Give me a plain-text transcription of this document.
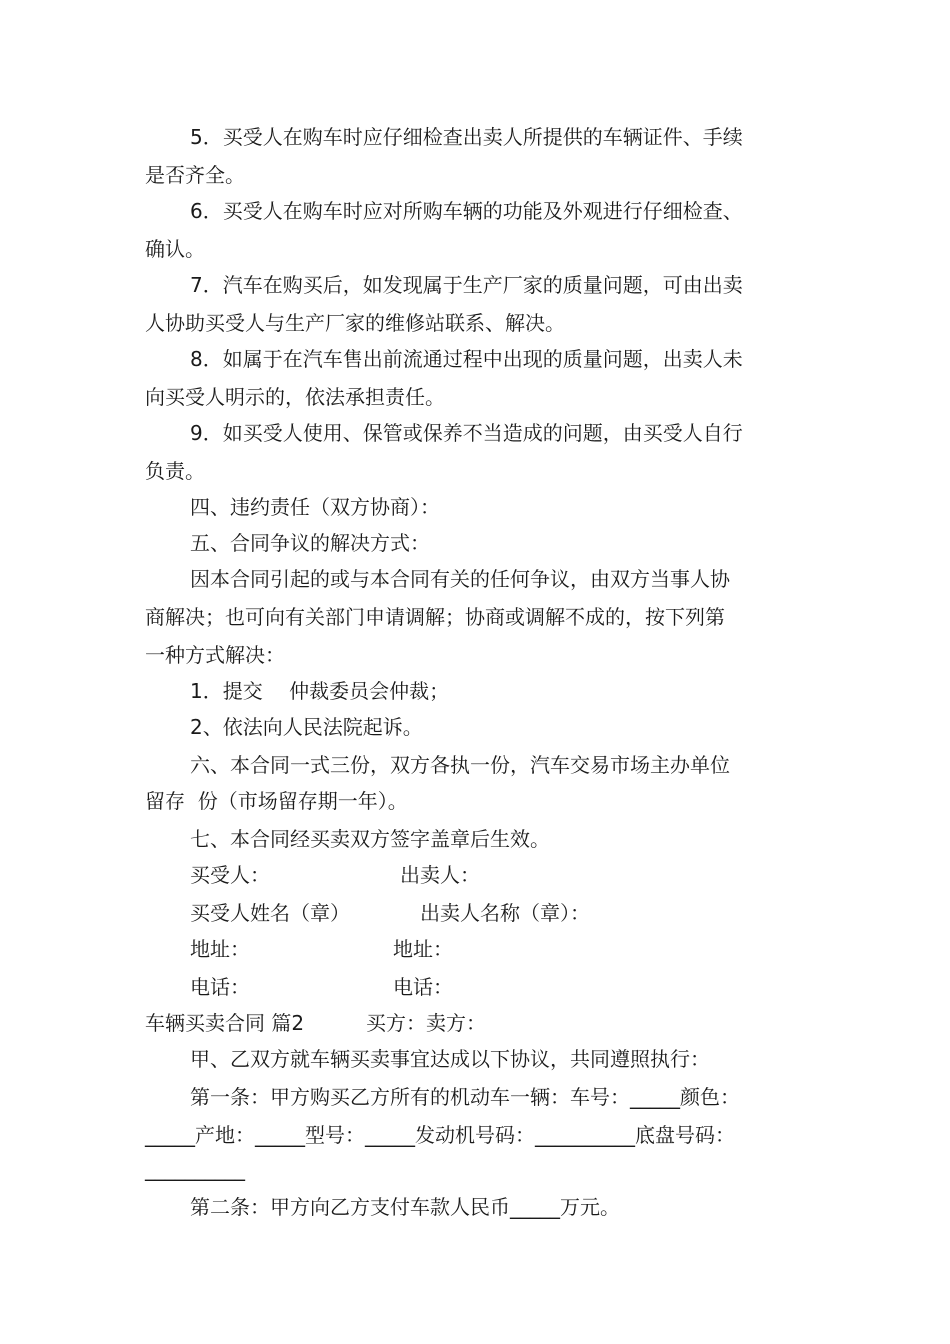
5．买受人在购车时应仔细检查出卖人所提供的车辆证件、手续
是否齐全。
6．买受人在购车时应对所购车辆的功能及外观进行仔细检查、
确认。
7．汽车在购买后，如发现属于生产厂家的质量问题，可由出卖
人协助买受人与生产厂家的维修站联系、解决。
8．如属于在汽车售出前流通过程中出现的质量问题，出卖人未
向买受人明示的，依法承担责任。
9．如买受人使用、保管或保养不当造成的问题，由买受人自行
负责。
四、违约责任（双方协商）：
五、合同争议的解决方式：
因本合同引起的或与本合同有关的任何争议，由双方当事人协
商解决；也可向有关部门申请调解；协商或调解不成的，按下列第
一种方式解决：
1．提交　 仲裁委员会仲裁；
2、依法向人民法院起诉。
六、本合同一式三份，双方各执一份，汽车交易市场主办单位
留存  份（市场留存期一年）。
七、本合同经买卖双方签字盖章后生效。
买受人：	出卖人：
买受人姓名（章）	出卖人名称（章）：
地址：	地址：
电话：	电话：
车辆买卖合同 篇2	买方：卖方：
甲、乙双方就车辆买卖事宜达成以下协议，共同遵照执行：
第一条：甲方购买乙方所有的机动车一辆：车号：_____颜色：
_____产地：_____型号：_____发动机号码：__________底盘号码：
__________
第二条：甲方向乙方支付车款人民币_____万元。
